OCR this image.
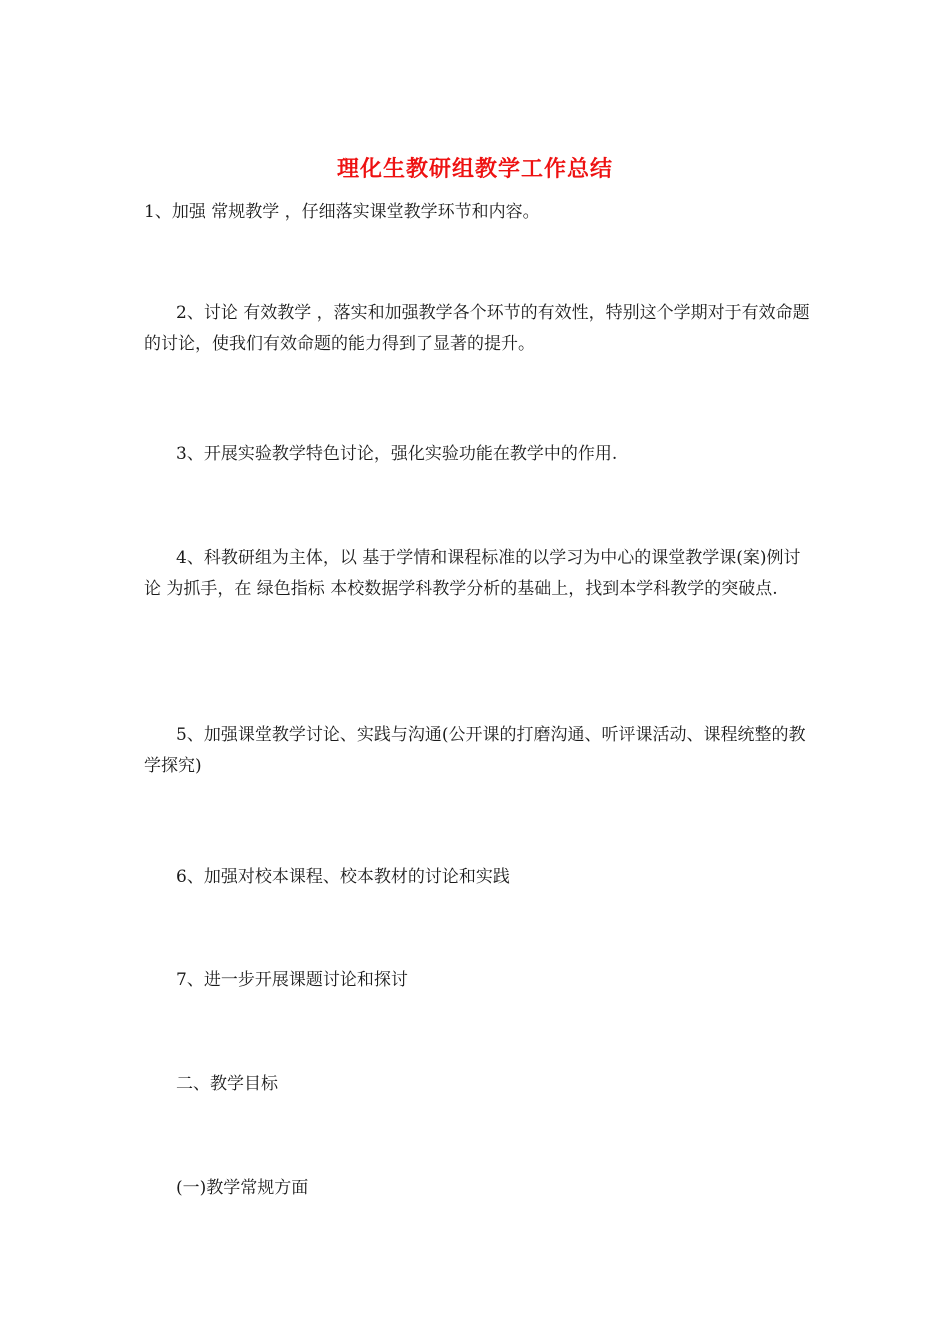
理化生教研组教学工作总结

1、加强 常规教学 ，仔细落实课堂教学环节和内容。

2、讨论 有效教学 ，落实和加强教学各个环节的有效性，特别这个学期对于有效命题的讨论，使我们有效命题的能力得到了显著的提升。

3、开展实验教学特色讨论，强化实验功能在教学中的作用.

4、科教研组为主体，以 基于学情和课程标准的以学习为中心的课堂教学课(案)例讨论 为抓手，在 绿色指标 本校数据学科教学分析的基础上，找到本学科教学的突破点.

5、加强课堂教学讨论、实践与沟通(公开课的打磨沟通、听评课活动、课程统整的教学探究)

6、加强对校本课程、校本教材的讨论和实践

7、进一步开展课题讨论和探讨

二、教学目标

(一)教学常规方面
